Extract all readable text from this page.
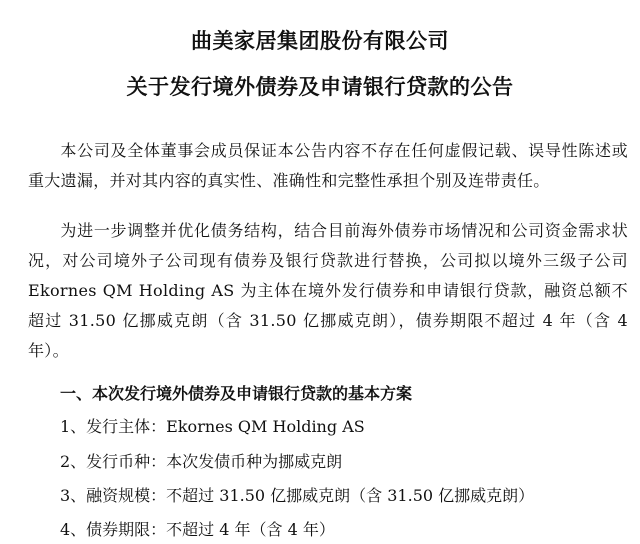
曲美家居集团股份有限公司
关于发行境外债券及申请银行贷款的公告
本公司及全体董事会成员保证本公告内容不存在任何虚假记载、误导性陈述或重大遗漏，并对其内容的真实性、准确性和完整性承担个别及连带责任。
为进一步调整并优化债务结构，结合目前海外债券市场情况和公司资金需求状况，对公司境外子公司现有债券及银行贷款进行替换，公司拟以境外三级子公司 Ekornes QM Holding AS 为主体在境外发行债券和申请银行贷款，融资总额不超过 31.50 亿挪威克朗（含 31.50 亿挪威克朗），债券期限不超过 4 年（含 4 年）。
一、本次发行境外债券及申请银行贷款的基本方案
1、发行主体：Ekornes QM Holding AS
2、发行币种：本次发债币种为挪威克朗
3、融资规模：不超过 31.50 亿挪威克朗（含 31.50 亿挪威克朗）
4、债券期限：不超过 4 年（含 4 年）
